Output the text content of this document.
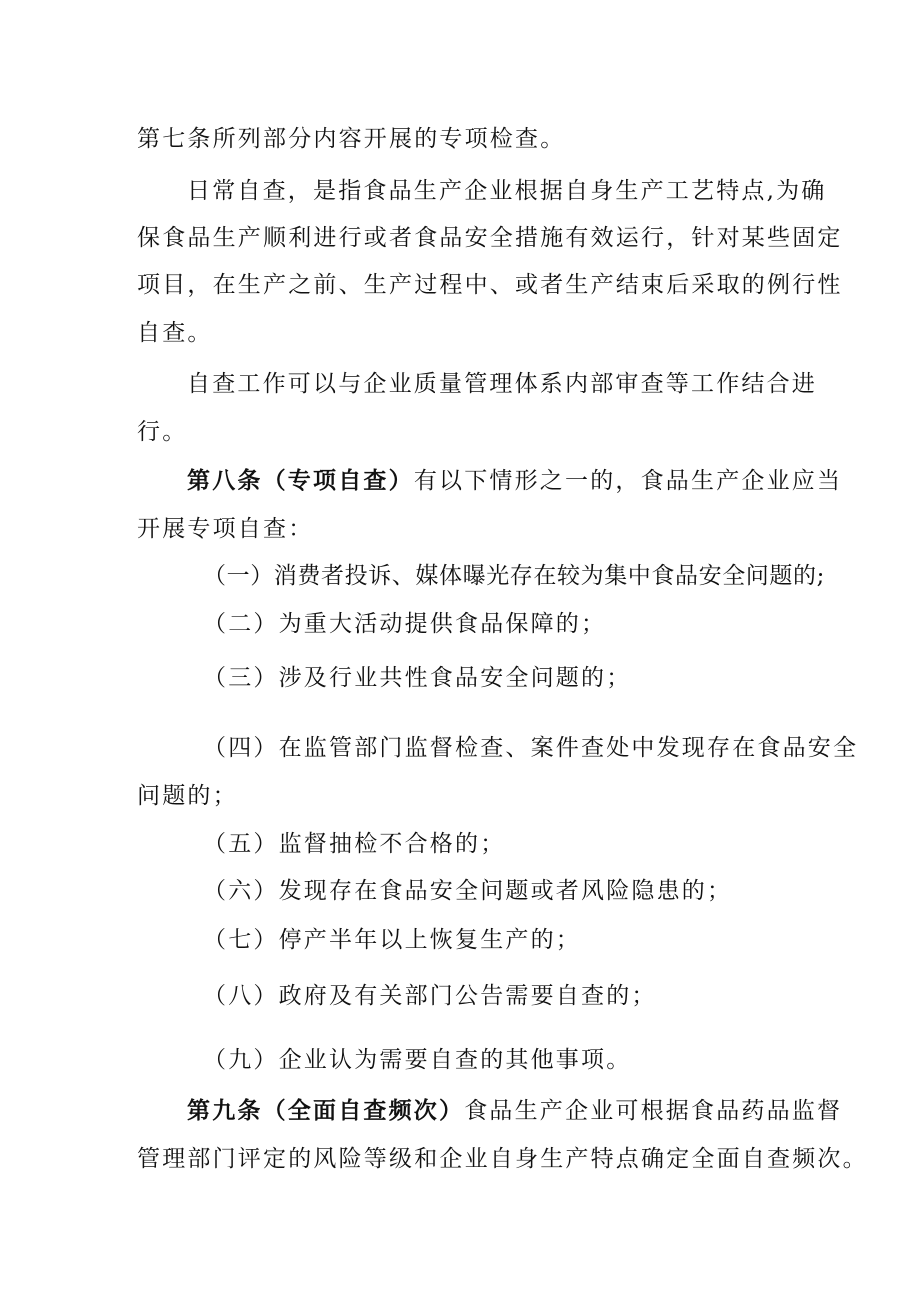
第七条所列部分内容开展的专项检查。
日常自查，是指食品生产企业根据自身生产工艺特点,为确
保食品生产顺利进行或者食品安全措施有效运行，针对某些固定
项目，在生产之前、生产过程中、或者生产结束后采取的例行性
自查。
自查工作可以与企业质量管理体系内部审查等工作结合进
行。
第八条（专项自查）有以下情形之一的，食品生产企业应当
开展专项自查：
（一）消费者投诉、媒体曝光存在较为集中食品安全问题的;
（二）为重大活动提供食品保障的；
（三）涉及行业共性食品安全问题的；
（四）在监管部门监督检查、案件查处中发现存在食品安全
问题的；
（五）监督抽检不合格的；
（六）发现存在食品安全问题或者风险隐患的；
（七）停产半年以上恢复生产的；
（八）政府及有关部门公告需要自查的；
（九）企业认为需要自查的其他事项。
第九条（全面自查频次）食品生产企业可根据食品药品监督
管理部门评定的风险等级和企业自身生产特点确定全面自查频次。
